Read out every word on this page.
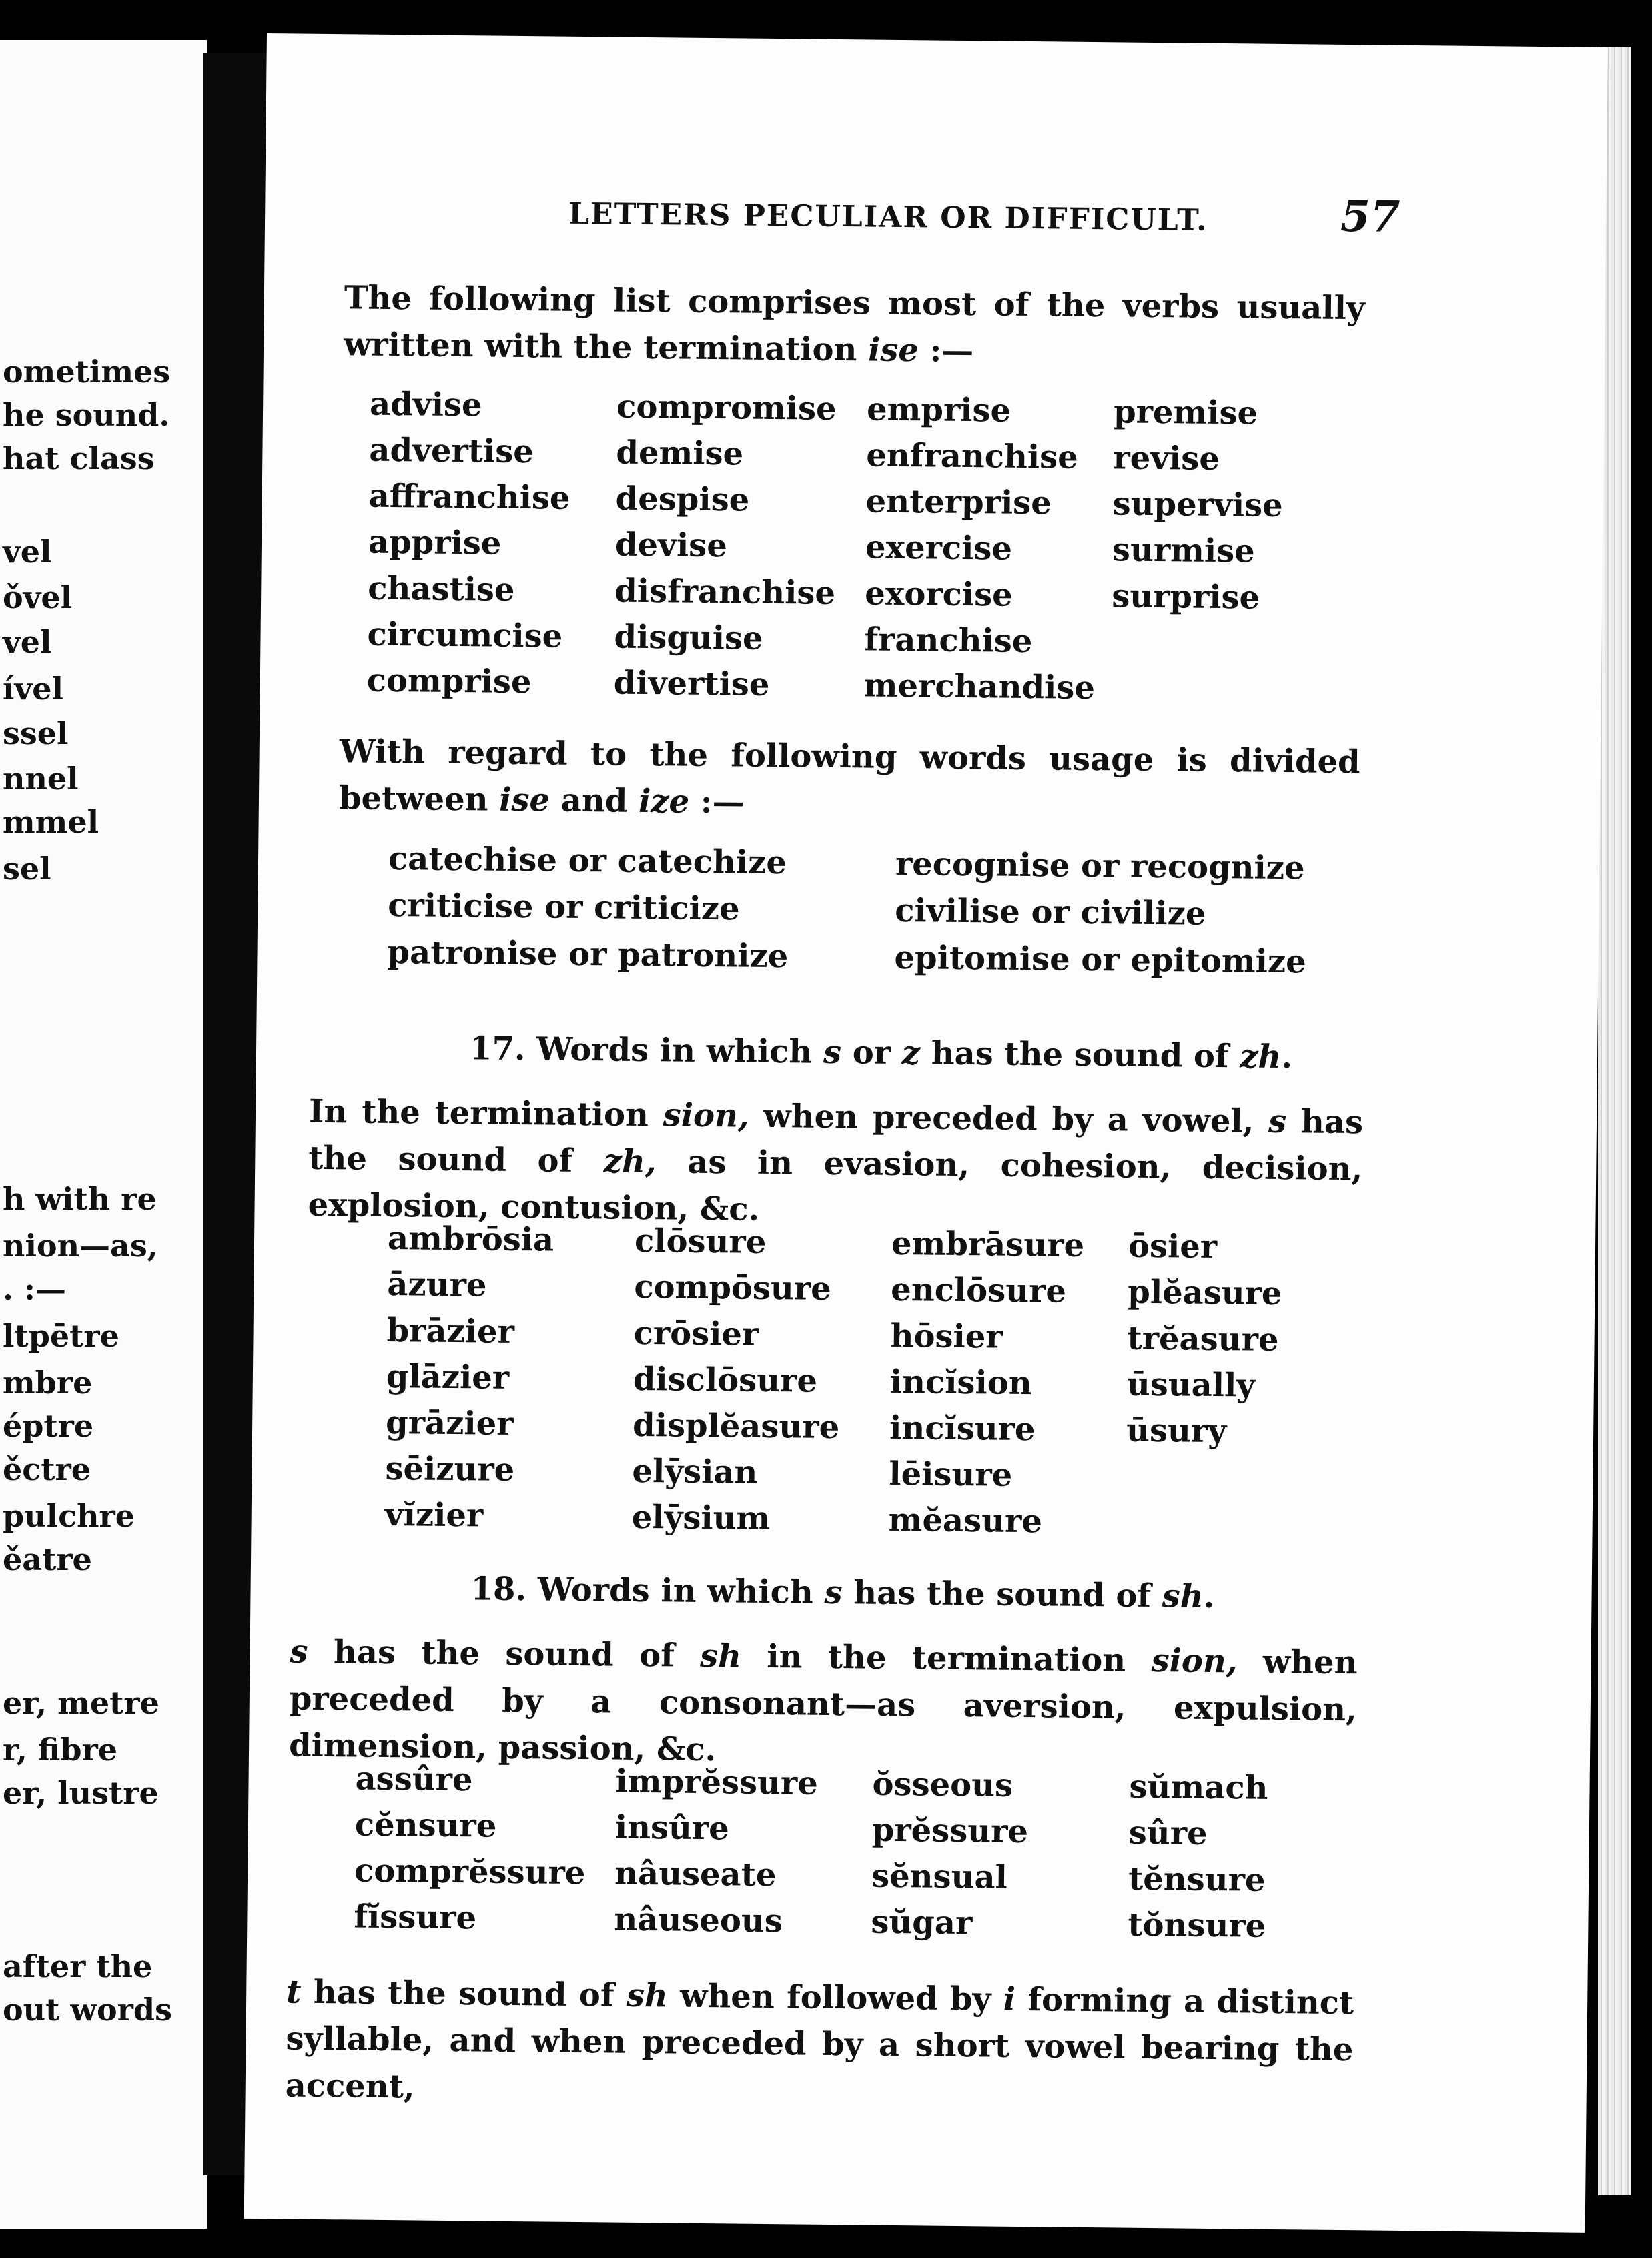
ometimes
he sound.
hat class
vel
ǒvel
vel
ível
ssel
nnel
mmel
sel
h with re
nion—as,
. :—
ltpētre
mbre
éptre
ěctre
pulchre
ěatre
er, metre
r, fibre
er, lustre
after the
out words
LETTERS PECULIAR OR DIFFICULT.	57
The following list comprises most of the verbs usually written with the termination ise :—
advise
advertise
affranchise
apprise
chastise
circumcise
comprise
compromise
demise
despise
devise
disfranchise
disguise
divertise
emprise
enfranchise
enterprise
exercise
exorcise
franchise
merchandise
premise
revise
supervise
surmise
surprise
With regard to the following words usage is divided between ise and ize :—
catechise or catechize
criticise or criticize
patronise or patronize
recognise or recognize
civilise or civilize
epitomise or epitomize
17. Words in which s or z has the sound of zh.
In the termination sion, when preceded by a vowel, s has the sound of zh, as in evasion, cohesion, decision, explosion, contusion, &c.
ambrōsia
āzure
brāzier
glāzier
grāzier
sēizure
vĭzier
clōsure
compōsure
crōsier
disclōsure
displĕasure
elȳsian
elȳsium
embrāsure
enclōsure
hōsier
incĭsion
incĭsure
lēisure
mĕasure
ōsier
plĕasure
trĕasure
ūsually
ūsury
18. Words in which s has the sound of sh.
s has the sound of sh in the termination sion, when preceded by a consonant—as aversion, expulsion, dimension, passion, &c.
assûre
cĕnsure
comprĕssure
fĭssure
imprĕssure
insûre
nâuseate
nâuseous
ŏsseous
prĕssure
sĕnsual
sŭgar
sŭmach
sûre
tĕnsure
tŏnsure
t has the sound of sh when followed by i forming a distinct syllable, and when preceded by a short vowel bearing the accent,
